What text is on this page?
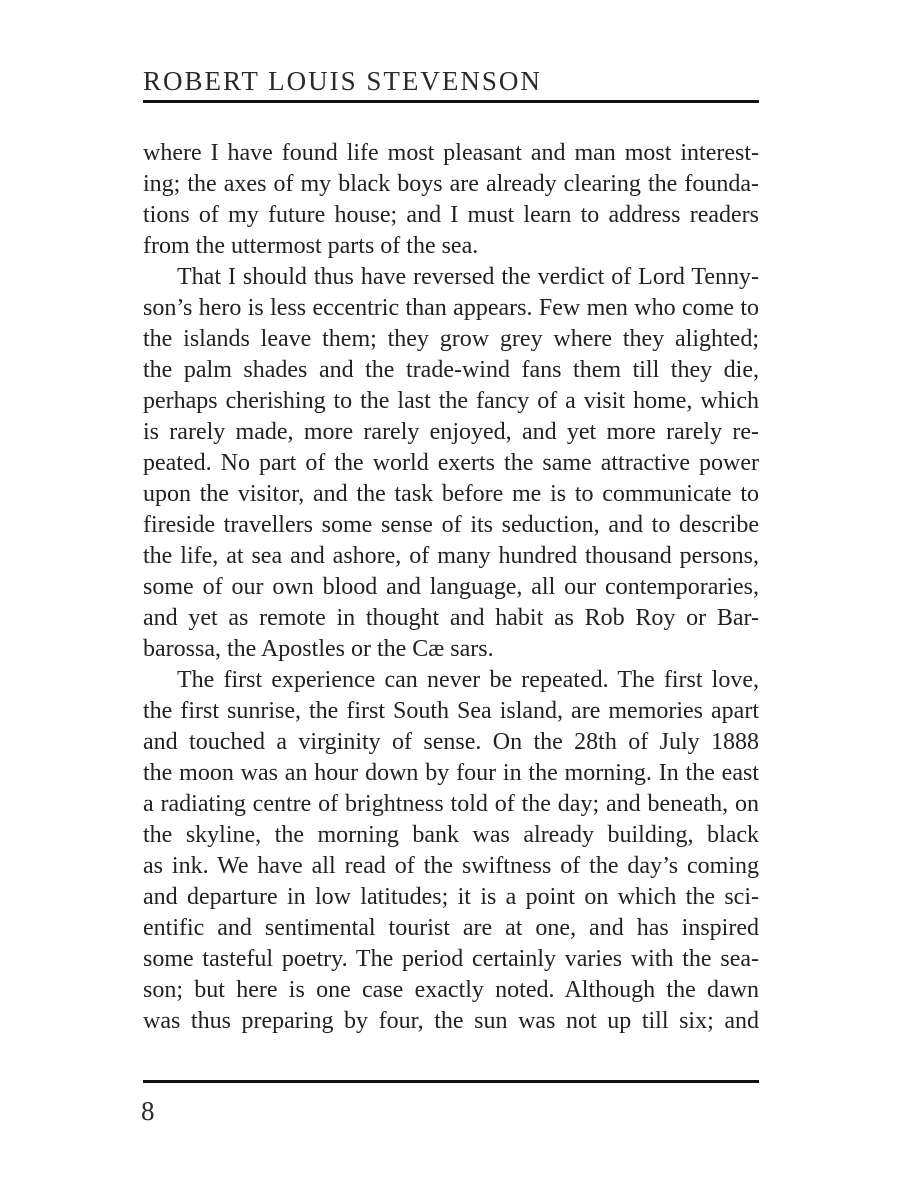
ROBERT LOUIS STEVENSON
where I have found life most pleasant and man most interest-
ing; the axes of my black boys are already clearing the founda-
tions of my future house; and I must learn to address readers
from the uttermost parts of the sea.
That I should thus have reversed the verdict of Lord Tenny-
son’s hero is less eccentric than appears. Few men who come to
the islands leave them; they grow grey where they alighted;
the palm shades and the trade-wind fans them till they die,
perhaps cherishing to the last the fancy of a visit home, which
is rarely made, more rarely enjoyed, and yet more rarely re-
peated. No part of the world exerts the same attractive power
upon the visitor, and the task before me is to communicate to
fireside travellers some sense of its seduction, and to describe
the life, at sea and ashore, of many hundred thousand persons,
some of our own blood and language, all our contemporaries,
and yet as remote in thought and habit as Rob Roy or Bar-
barossa, the Apostles or the Cæ sars.
The first experience can never be repeated. The first love,
the first sunrise, the first South Sea island, are memories apart
and touched a virginity of sense. On the 28th of July 1888
the moon was an hour down by four in the morning. In the east
a radiating centre of brightness told of the day; and beneath, on
the skyline, the morning bank was already building, black
as ink. We have all read of the swiftness of the day’s coming
and departure in low latitudes; it is a point on which the sci-
entific and sentimental tourist are at one, and has inspired
some tasteful poetry. The period certainly varies with the sea-
son; but here is one case exactly noted. Although the dawn
was thus preparing by four, the sun was not up till six; and
8
